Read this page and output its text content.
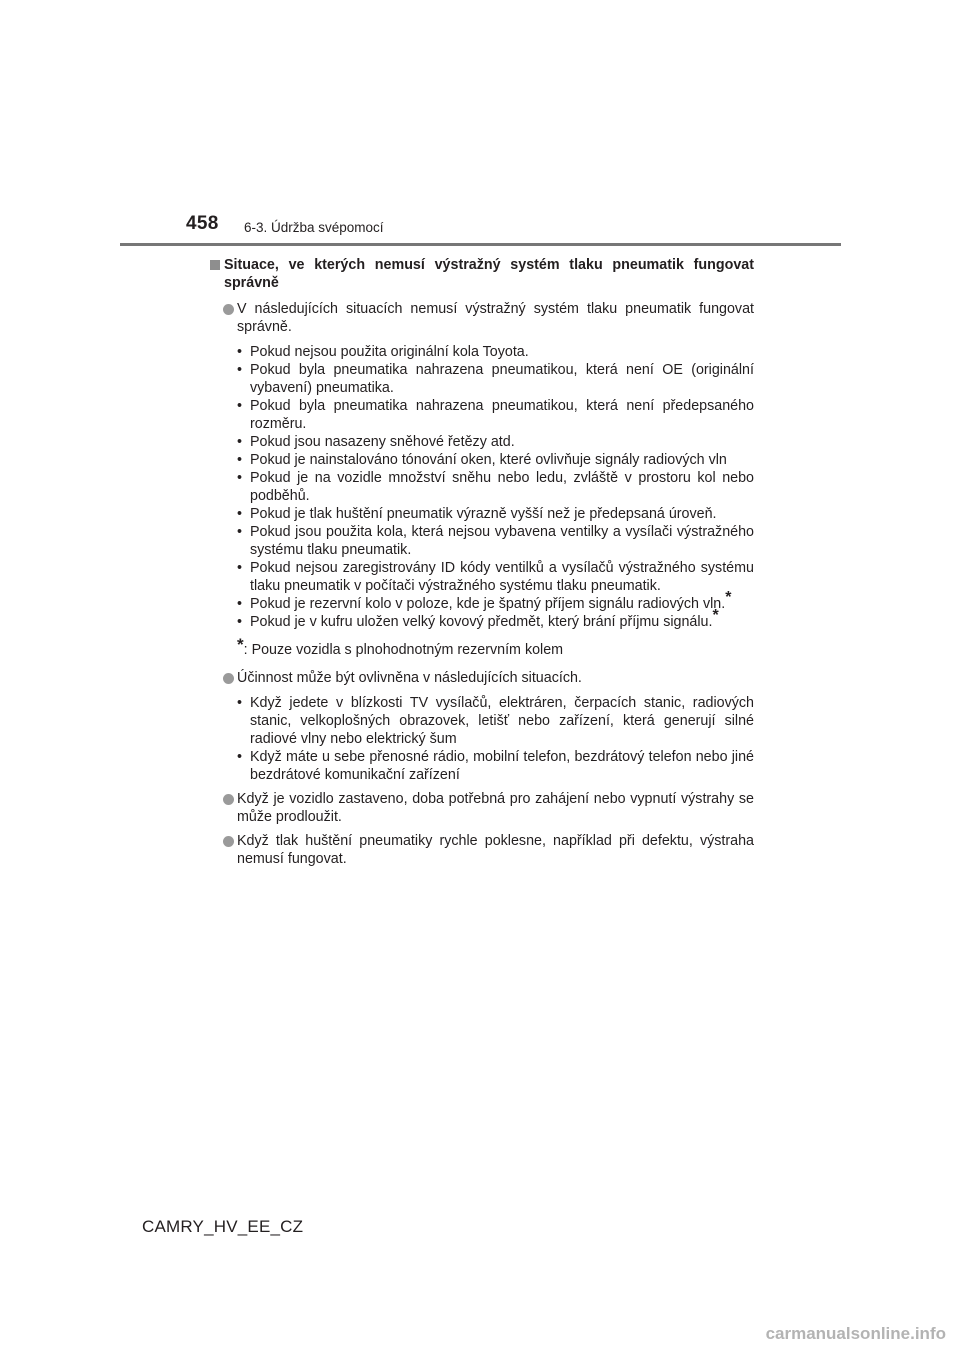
458 6-3. Údržba svépomocí
Situace, ve kterých nemusí výstražný systém tlaku pneumatik fungovat správně
V následujících situacích nemusí výstražný systém tlaku pneumatik fungovat správně.
• Pokud nejsou použita originální kola Toyota.
• Pokud byla pneumatika nahrazena pneumatikou, která není OE (originální vybavení) pneumatika.
• Pokud byla pneumatika nahrazena pneumatikou, která není předepsaného rozměru.
• Pokud jsou nasazeny sněhové řetězy atd.
• Pokud je nainstalováno tónování oken, které ovlivňuje signály radiových vln
• Pokud je na vozidle množství sněhu nebo ledu, zvláště v prostoru kol nebo podběhů.
• Pokud je tlak huštění pneumatik výrazně vyšší než je předepsaná úroveň.
• Pokud jsou použita kola, která nejsou vybavena ventilky a vysílači výstražného systému tlaku pneumatik.
• Pokud nejsou zaregistrovány ID kódy ventilků a vysílačů výstražného systému tlaku pneumatik v počítači výstražného systému tlaku pneumatik.
• Pokud je rezervní kolo v poloze, kde je špatný příjem signálu radiových vln.*
• Pokud je v kufru uložen velký kovový předmět, který brání příjmu signálu.*
*: Pouze vozidla s plnohodnotným rezervním kolem
Účinnost může být ovlivněna v následujících situacích.
• Když jedete v blízkosti TV vysílačů, elektráren, čerpacích stanic, radiových stanic, velkoplošných obrazovek, letišť nebo zařízení, která generují silné radiové vlny nebo elektrický šum
• Když máte u sebe přenosné rádio, mobilní telefon, bezdrátový telefon nebo jiné bezdrátové komunikační zařízení
Když je vozidlo zastaveno, doba potřebná pro zahájení nebo vypnutí výstrahy se může prodloužit.
Když tlak huštění pneumatiky rychle poklesne, například při defektu, výstraha nemusí fungovat.
CAMRY_HV_EE_CZ
carmanualsonline.info
